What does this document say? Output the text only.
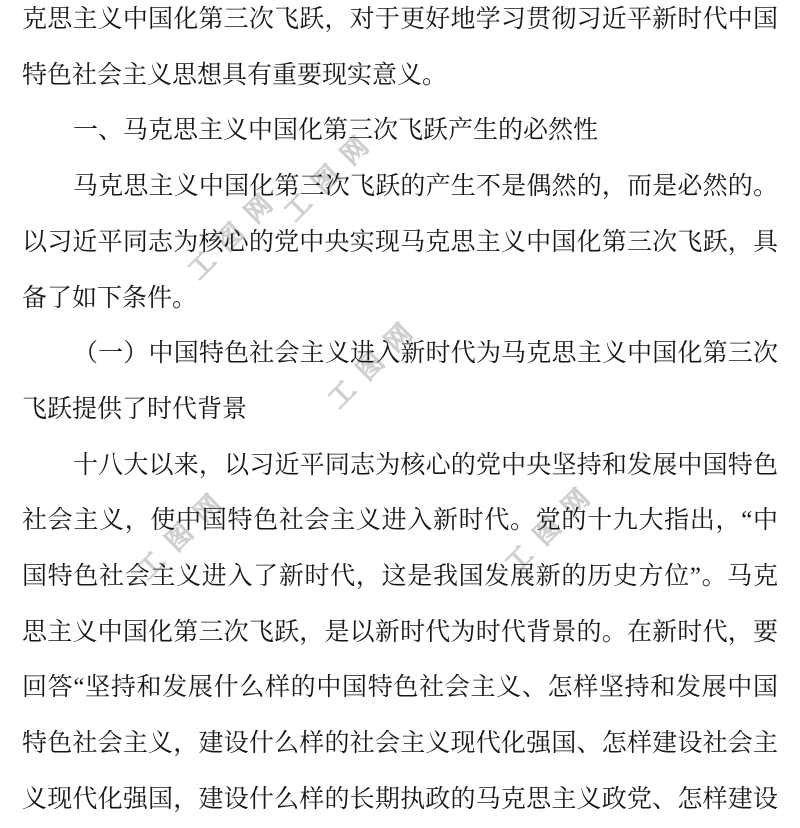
工图网
工图网
工图网
工图网	工图网
克思主义中国化第三次飞跃，对于更好地学习贯彻习近平新时代中国
特色社会主义思想具有重要现实意义。
一、马克思主义中国化第三次飞跃产生的必然性
马克思主义中国化第三次飞跃的产生不是偶然的，而是必然的。
以习近平同志为核心的党中央实现马克思主义中国化第三次飞跃，具
备了如下条件。
（一）中国特色社会主义进入新时代为马克思主义中国化第三次
飞跃提供了时代背景
十八大以来，以习近平同志为核心的党中央坚持和发展中国特色
社会主义，使中国特色社会主义进入新时代。党的十九大指出，“中
国特色社会主义进入了新时代，这是我国发展新的历史方位”。马克
思主义中国化第三次飞跃，是以新时代为时代背景的。在新时代，要
回答“坚持和发展什么样的中国特色社会主义、怎样坚持和发展中国
特色社会主义，建设什么样的社会主义现代化强国、怎样建设社会主
义现代化强国，建设什么样的长期执政的马克思主义政党、怎样建设
